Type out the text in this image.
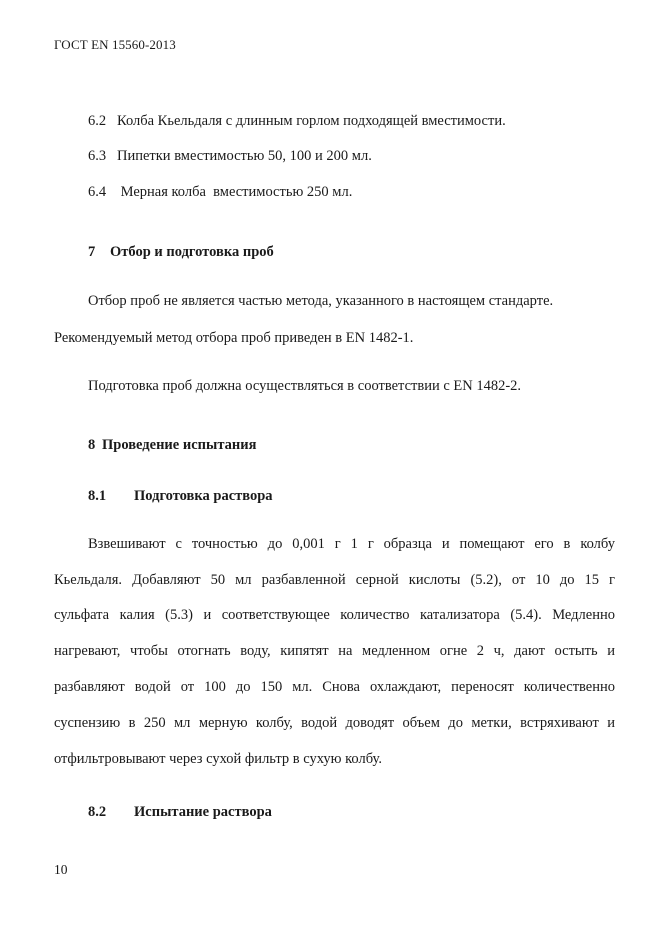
ГОСТ EN 15560-2013
6.2 Колба Кьельдаля с длинным горлом подходящей вместимости.
6.3 Пипетки вместимостью 50, 100 и 200 мл.
6.4 Мерная колба  вместимостью 250 мл.
7 Отбор и подготовка проб
Отбор проб не является частью метода, указанного в настоящем стандарте.
Рекомендуемый метод отбора проб приведен в EN 1482-1.
Подготовка проб должна осуществляться в соответствии с EN 1482-2.
8 Проведение испытания
8.1 Подготовка раствора
Взвешивают с точностью до 0,001 г 1 г образца и помещают его в колбу
Кьельдаля. Добавляют 50 мл разбавленной серной кислоты (5.2), от 10 до 15 г
сульфата калия (5.3) и соответствующее количество катализатора (5.4). Медленно
нагревают, чтобы отогнать воду, кипятят на медленном огне 2 ч, дают остыть и
разбавляют водой от 100 до 150 мл. Снова охлаждают, переносят количественно
суспензию в 250 мл мерную колбу, водой доводят объем до метки, встряхивают и
отфильтровывают через сухой фильтр в сухую колбу.
8.2 Испытание раствора
10
